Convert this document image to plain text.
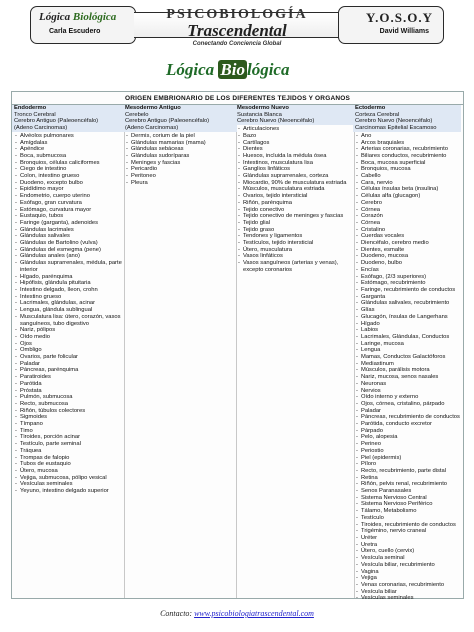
Lógica Biológica
Carla Escudero
PSICOBIOLOGÍA
Trascendental
Conectando Conciencia Global
Y.O.S.O.Y
David Williams
Lógica Bio lógica
ORIGEN EMBRIONARIO DE LOS DIFERENTES TEJIDOS Y ORGANOS
Endodermo
Tronco Cerebral
Cerebro Antiguo (Paleoencéfalo)
(Adeno Carcinomas)
- Alvéolos pulmonares
- Amígdalas
- Apéndice
- Boca, submucosa
- Bronquios, células caliciformes
- Ciego de intestino
- Colon, intestino grueso
- Duodeno, excepto bulbo
- Epidídimo mayor
- Endometrio, cuerpo uterino
- Esófago, gran curvatura
- Estómago, curvatura mayor
- Eustaquio, tubos
- Faringe (garganta), adenoides
- Glándulas lacrimales
- Glándulas salivales
- Glándulas de Bartolino (vulva)
- Glándulas del esmegma (pene)
- Glándulas anales (ano)
- Glándulas suprarrenales, médula, parte interior
- Hígado, parénquima
- Hipófisis, glándula pituitaria
- Intestino delgado, íleon, crohn
- Intestino grueso
- Lacrimales, glándulas, acinar
- Lengua, glándula sublingual
- Musculatura lisa: útero, corazón, vasos sanguíneos, tubo digestivo
- Nariz, pólipos
- Oído medio
- Ojos
- Ombligo
- Ovarios, parte folicular
- Paladar
- Páncreas, parénquima
- Paratiroides
- Parótida
- Próstata
- Pulmón, submucosa
- Recto, submucosa
- Riñón, túbulos colectores
- Sigmoides
- Tímpano
- Timo
- Tiroides, porción acinar
- Testículo, parte seminal
- Tráquea
- Trompas de falopio
- Tubos de eustaquio
- Útero, mucosa
- Vejiga, submucosa, pólipo vesical
- Vesículas seminales
- Yeyuno, intestino delgado superior
Mesodermo Antiguo
Cerebelo
Cerebro Antiguo (Paleoencéfalo)
(Adeno Carcinomas)
- Dermis, corium de la piel
- Glándulas mamarias (mama)
- Glándulas sebáceas
- Glándulas sudoríparas
- Meninges y fascias
- Pericardio
- Peritoneo
- Pleura
Mesodermo Nuevo
Sustancia Blanca
Cerebro Nuevo (Neoencéfalo)
- Articulaciones
- Bazo
- Cartílagos
- Dientes
- Huesos, incluida la médula ósea
- Intestinos, musculatura lisa
- Ganglios linfáticos
- Glándulas suprarrenales, corteza
- Miocardio, 90% de musculatura estriada
- Músculos, musculatura estriada
- Ovarios, tejido intersticial
- Riñón, parénquima
- Tejido conectivo
- Tejido conectivo de meninges y fascias
- Tejido glial
- Tejido graso
- Tendones y ligamentos
- Testículos, tejido intersticial
- Útero, musculatura
- Vasos linfáticos
- Vasos sanguíneos (arterias y venas), excepto coronarios
Ectodermo
Corteza Cerebral
Cerebro Nuevo (Neoencéfalo)
Carcinomas Epitelial Escamoso
- Ano
- Arcos braquiales
- Arterias coronarias, recubrimiento
- Biliares conductos, recubrimiento
- Boca, mucosa superficial
- Bronquios, mucosa
- Cabello
- Cara, nervio
- Células ínsulas beta (insulina)
- Células alfa (glucagon)
- Cerebro
- Córnea
- Corazón
- Córnea
- Cristalino
- Cuerdas vocales
- Diencéfalo, cerebro medio
- Dientes, esmalte
- Duodeno, mucosa
- Duodeno, bulbo
- Encías
- Esófago, (2/3 superiores)
- Estómago, recubrimiento
- Faringe, recubrimiento de conductos
- Garganta
- Glándulas salivales, recubrimiento
- Glías
- Glucagón, ínsulas de Langerhans
- Hígado
- Labios
- Lacrimales, Glándulas, Conductos
- Laringe, mucosa
- Lengua
- Mamas, Conductos Galactóforos
- Mediastinum
- Músculos, parálisis motora
- Nariz, mucosa, senos nasales
- Neuronas
- Nervios
- Oído interno y externo
- Ojos, córnea, cristalino, párpado
- Paladar
- Páncreas, recubrimiento de conductos
- Parótida, conducto excretor
- Párpado
- Pelo, alopesia
- Perineo
- Periostio
- Piel (epidermis)
- Píloro
- Recto, recubrimiento, parte distal
- Retina
- Riñón, pelvis renal, recubrimiento
- Senos Paranasales
- Sistema Nervioso Central
- Sistema Nervioso Periférico
- Tálamo, Metabolismo
- Testículo
- Tiroides, recubrimiento de conductos
- Trigémino, nervio craneal
- Uréter
- Uretra
- Útero, cuello (cervix)
- Vesícula seminal
- Vesícula biliar, recubrimiento
- Vagina
- Vejiga
- Venas coronarias, recubrimiento
- Vesícula biliar
- Vesículas seminales
Contacto: www.psicobiologiatrascendental.com
